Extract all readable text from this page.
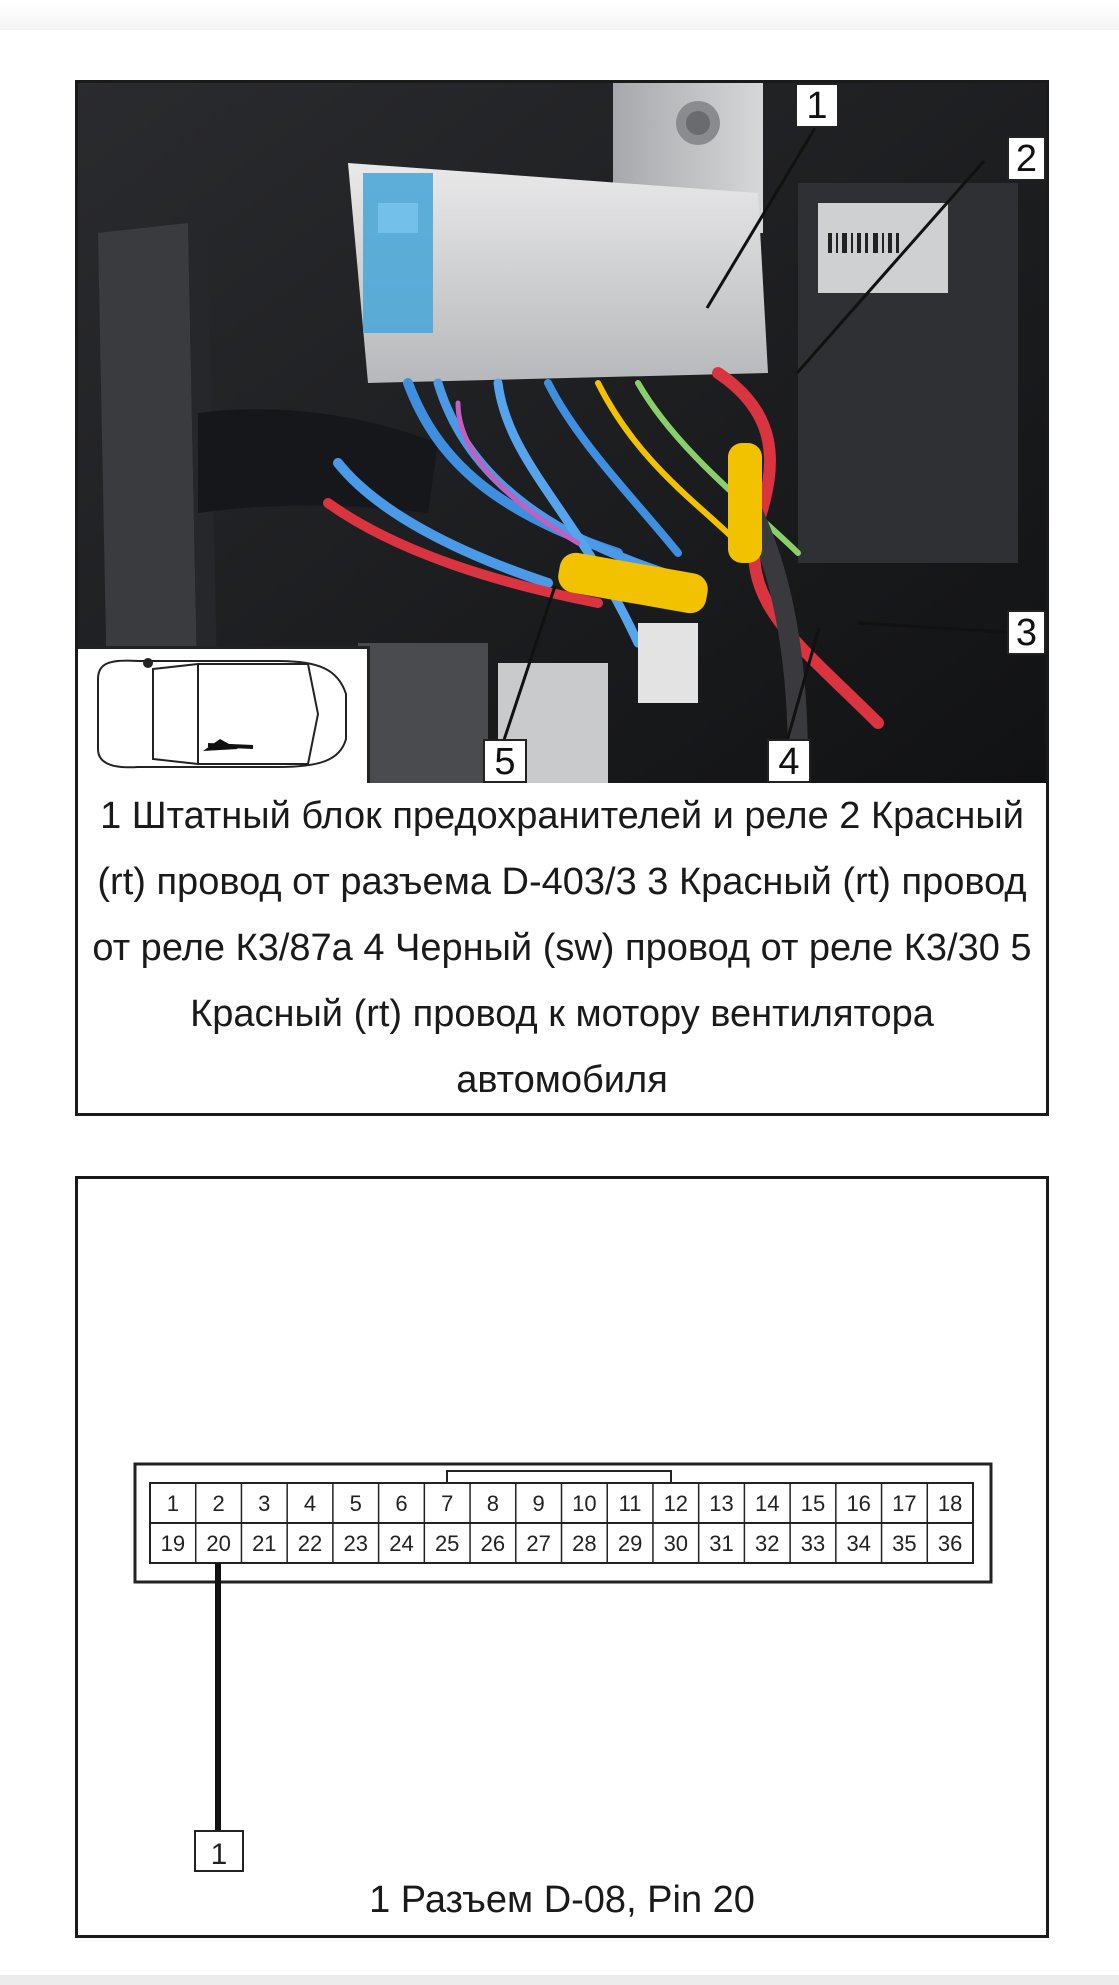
1
2
3
4
5
1 Штатный блок предохранителей и реле 2 Красный (rt) провод от разъема D-403/3 3 Красный (rt) провод от реле К3/87а 4 Черный (sw) провод от реле К3/30 5 Красный (rt) провод к мотору вентилятора автомобиля
1 2 3 4 5 6 7 8 9 10 11 12 13 14 15 16 17 18
19 20 21 22 23 24 25 26 27 28 29 30 31 32 33 34 35 36
1
1 Разъем D-08, Pin 20
